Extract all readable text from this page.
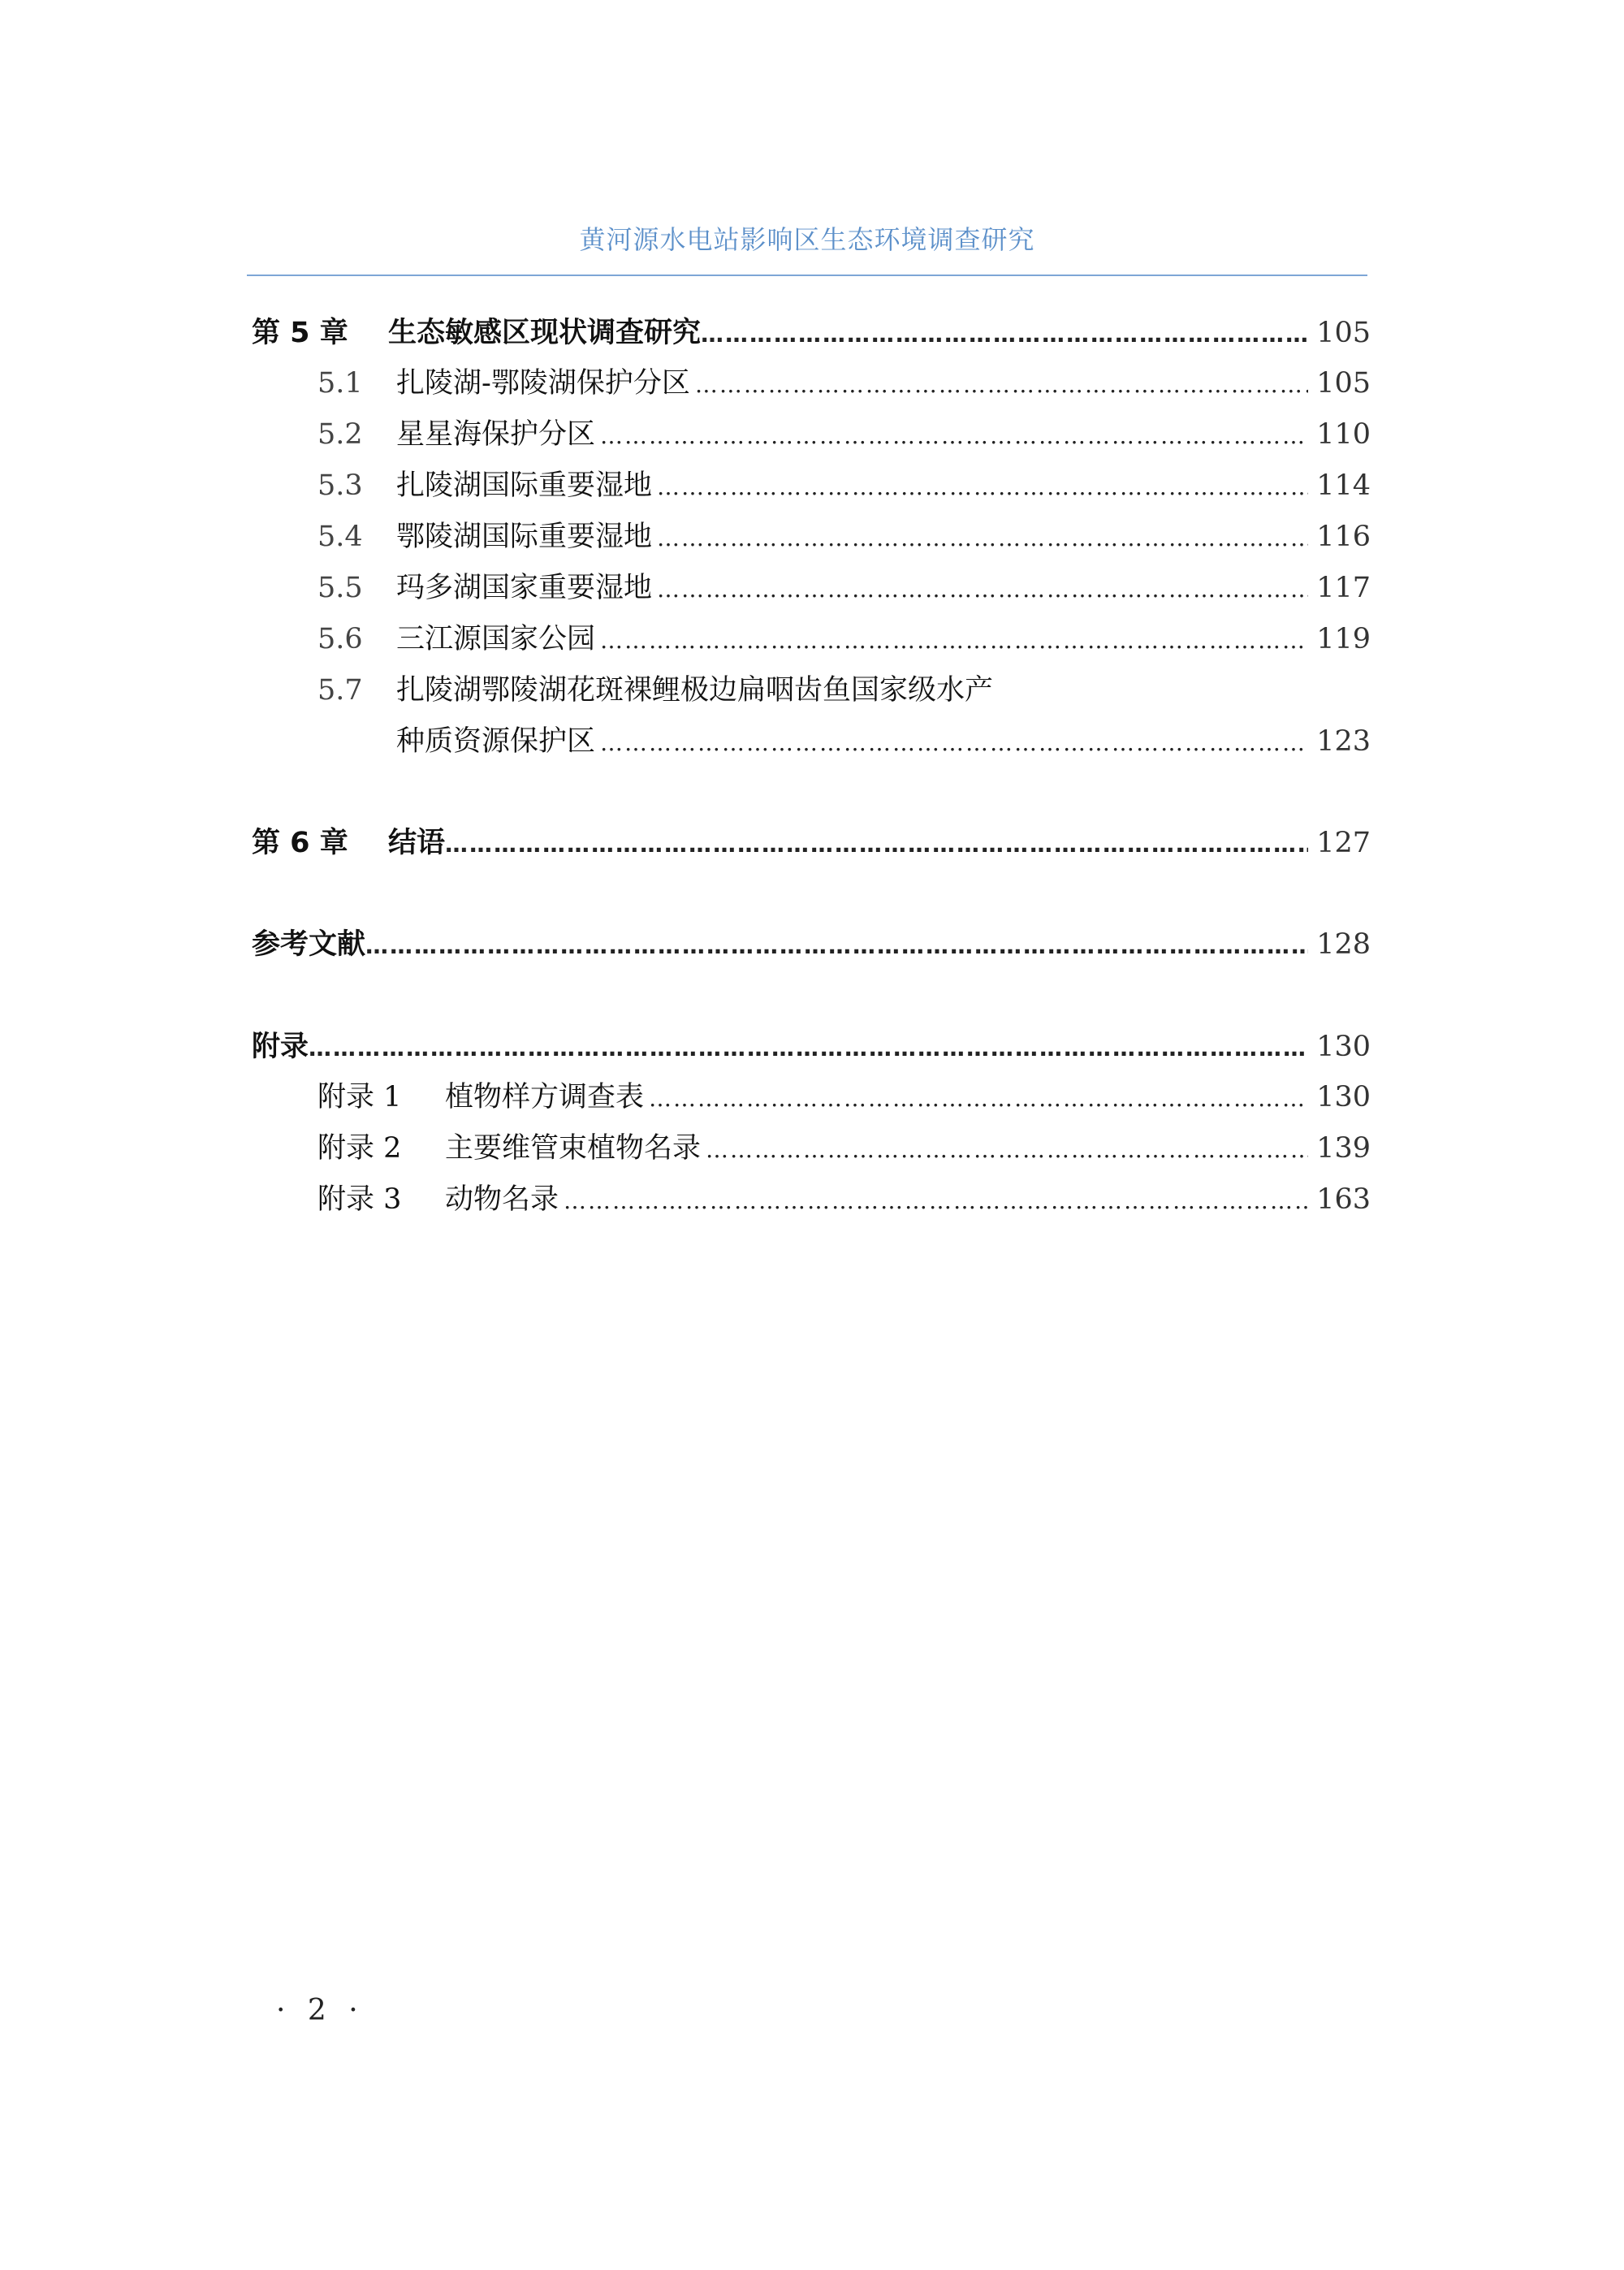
黄河源水电站影响区生态环境调查研究
第 5 章	生态敏感区现状调查研究 ………………………………………………………………………………………………………………………………………………………………………………………………	105
5.1	扎陵湖-鄂陵湖保护分区 ………………………………………………………………………………………………………………………………………………………………………………………………	105
5.2	星星海保护分区 ………………………………………………………………………………………………………………………………………………………………………………………………	110
5.3	扎陵湖国际重要湿地 ………………………………………………………………………………………………………………………………………………………………………………………………	114
5.4	鄂陵湖国际重要湿地 ………………………………………………………………………………………………………………………………………………………………………………………………	116
5.5	玛多湖国家重要湿地 ………………………………………………………………………………………………………………………………………………………………………………………………	117
5.6	三江源国家公园 ………………………………………………………………………………………………………………………………………………………………………………………………	119
5.7 扎陵湖鄂陵湖花斑裸鲤极边扁咽齿鱼国家级水产
种质资源保护区 ………………………………………………………………………………………………………………………………………………………………………………………………	123
第 6 章	结语 ………………………………………………………………………………………………………………………………………………………………………………………………	127
参考文献 ………………………………………………………………………………………………………………………………………………………………………………………………	128
附录 ………………………………………………………………………………………………………………………………………………………………………………………………	130
附录 1	植物样方调查表 ………………………………………………………………………………………………………………………………………………………………………………………………	130
附录 2	主要维管束植物名录 ………………………………………………………………………………………………………………………………………………………………………………………………	139
附录 3	动物名录 ………………………………………………………………………………………………………………………………………………………………………………………………	163
· 2 ·
